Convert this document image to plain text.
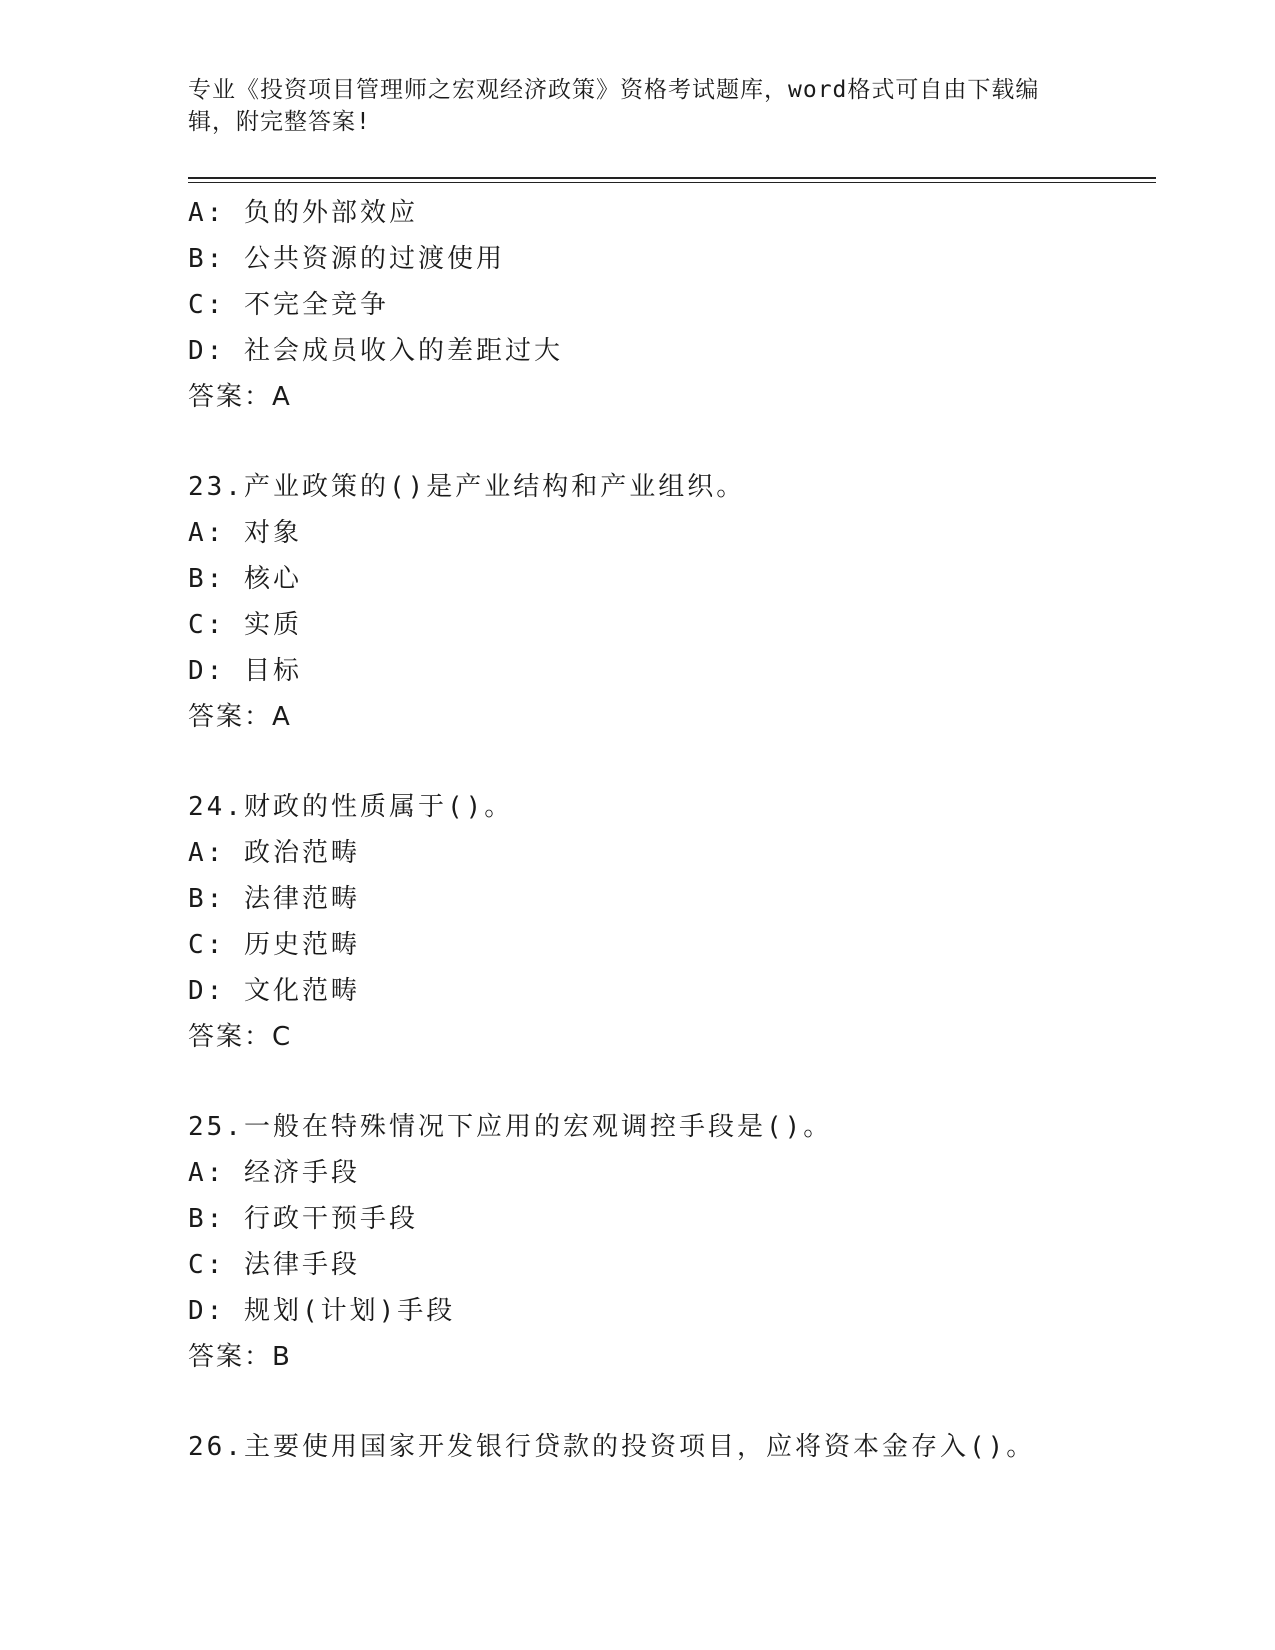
专业《投资项目管理师之宏观经济政策》资格考试题库，word格式可自由下载编
辑，附完整答案!
A: 负的外部效应
B: 公共资源的过渡使用
C: 不完全竞争
D: 社会成员收入的差距过大
答案：A
23.产业政策的()是产业结构和产业组织。
A: 对象
B: 核心
C: 实质
D: 目标
答案：A
24.财政的性质属于()。
A: 政治范畴
B: 法律范畴
C: 历史范畴
D: 文化范畴
答案：C
25.一般在特殊情况下应用的宏观调控手段是()。
A: 经济手段
B: 行政干预手段
C: 法律手段
D: 规划(计划)手段
答案：B
26.主要使用国家开发银行贷款的投资项目，应将资本金存入()。
